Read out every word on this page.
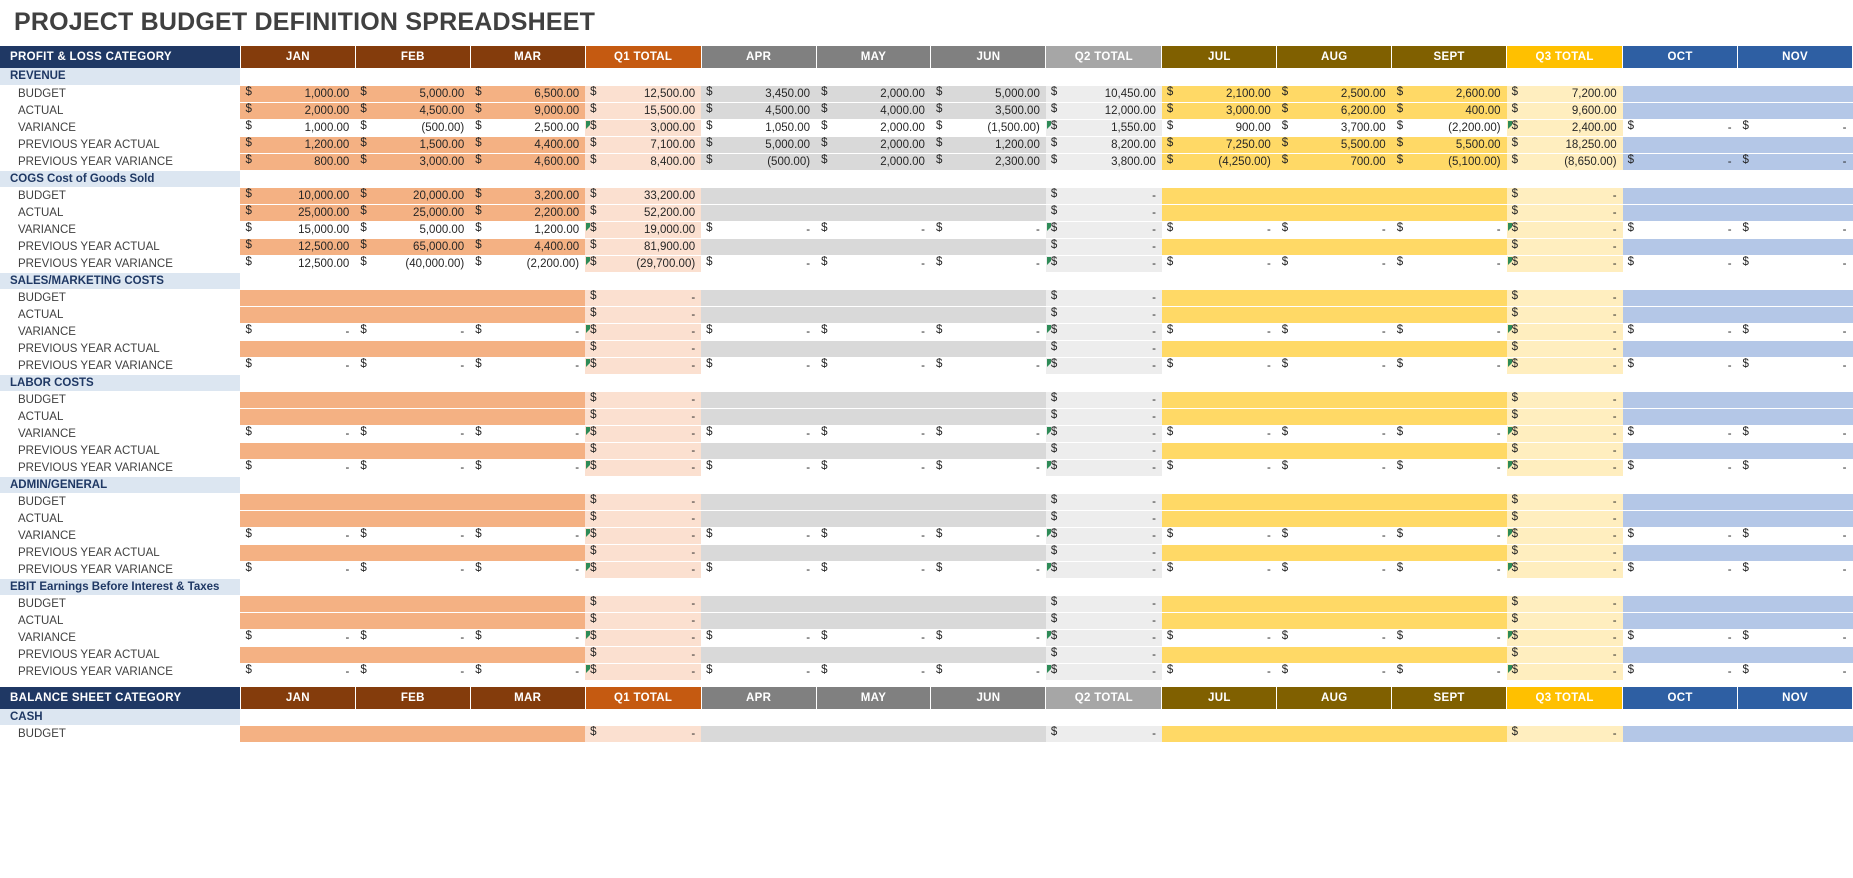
PROJECT BUDGET DEFINITION SPREADSHEET
PROFIT & LOSS CATEGORY	JAN	FEB	MAR	Q1 TOTAL	APR	MAY	JUN	Q2 TOTAL	JUL	AUG	SEPT	Q3 TOTAL	OCT	NOV
REVENUE														
BUDGET	$ 1,000.00	$ 5,000.00	$ 6,500.00	$ 12,500.00	$ 3,450.00	$ 2,000.00	$ 5,000.00	$ 10,450.00	$ 2,100.00	$ 2,500.00	$ 2,600.00	$ 7,200.00		
ACTUAL	$ 2,000.00	$ 4,500.00	$ 9,000.00	$ 15,500.00	$ 4,500.00	$ 4,000.00	$ 3,500.00	$ 12,000.00	$ 3,000.00	$ 6,200.00	$ 400.00	$ 9,600.00		
VARIANCE	$ 1,000.00	$ (500.00)	$ 2,500.00	$ 3,000.00	$ 1,050.00	$ 2,000.00	$ (1,500.00)	$ 1,550.00	$ 900.00	$ 3,700.00	$ (2,200.00)	$ 2,400.00	$ -	$ -
PREVIOUS YEAR ACTUAL	$ 1,200.00	$ 1,500.00	$ 4,400.00	$ 7,100.00	$ 5,000.00	$ 2,000.00	$ 1,200.00	$ 8,200.00	$ 7,250.00	$ 5,500.00	$ 5,500.00	$ 18,250.00		
PREVIOUS YEAR VARIANCE	$ 800.00	$ 3,000.00	$ 4,600.00	$ 8,400.00	$ (500.00)	$ 2,000.00	$ 2,300.00	$ 3,800.00	$ (4,250.00)	$ 700.00	$ (5,100.00)	$ (8,650.00)	$ -	$ -
COGS Cost of Goods Sold														
BUDGET	$ 10,000.00	$ 20,000.00	$ 3,200.00	$ 33,200.00				$ -				$ -		
ACTUAL	$ 25,000.00	$ 25,000.00	$ 2,200.00	$ 52,200.00				$ -				$ -		
VARIANCE	$ 15,000.00	$ 5,000.00	$ 1,200.00	$ 19,000.00	$ -	$ -	$ -	$ -	$ -	$ -	$ -	$ -	$ -	$ -
PREVIOUS YEAR ACTUAL	$ 12,500.00	$ 65,000.00	$ 4,400.00	$ 81,900.00				$ -				$ -		
PREVIOUS YEAR VARIANCE	$ 12,500.00	$ (40,000.00)	$ (2,200.00)	$ (29,700.00)	$ -	$ -	$ -	$ -	$ -	$ -	$ -	$ -	$ -	$ -
SALES/MARKETING COSTS														
BUDGET				$ -				$ -				$ -		
ACTUAL				$ -				$ -				$ -		
VARIANCE	$ -	$ -	$ -	$ -	$ -	$ -	$ -	$ -	$ -	$ -	$ -	$ -	$ -	$ -
PREVIOUS YEAR ACTUAL				$ -				$ -				$ -		
PREVIOUS YEAR VARIANCE	$ -	$ -	$ -	$ -	$ -	$ -	$ -	$ -	$ -	$ -	$ -	$ -	$ -	$ -
LABOR COSTS														
BUDGET				$ -				$ -				$ -		
ACTUAL				$ -				$ -				$ -		
VARIANCE	$ -	$ -	$ -	$ -	$ -	$ -	$ -	$ -	$ -	$ -	$ -	$ -	$ -	$ -
PREVIOUS YEAR ACTUAL				$ -				$ -				$ -		
PREVIOUS YEAR VARIANCE	$ -	$ -	$ -	$ -	$ -	$ -	$ -	$ -	$ -	$ -	$ -	$ -	$ -	$ -
ADMIN/GENERAL														
BUDGET				$ -				$ -				$ -		
ACTUAL				$ -				$ -				$ -		
VARIANCE	$ -	$ -	$ -	$ -	$ -	$ -	$ -	$ -	$ -	$ -	$ -	$ -	$ -	$ -
PREVIOUS YEAR ACTUAL				$ -				$ -				$ -		
PREVIOUS YEAR VARIANCE	$ -	$ -	$ -	$ -	$ -	$ -	$ -	$ -	$ -	$ -	$ -	$ -	$ -	$ -
EBIT Earnings Before Interest & Taxes														
BUDGET				$ -				$ -				$ -		
ACTUAL				$ -				$ -				$ -		
VARIANCE	$ -	$ -	$ -	$ -	$ -	$ -	$ -	$ -	$ -	$ -	$ -	$ -	$ -	$ -
PREVIOUS YEAR ACTUAL				$ -				$ -				$ -		
PREVIOUS YEAR VARIANCE	$ -	$ -	$ -	$ -	$ -	$ -	$ -	$ -	$ -	$ -	$ -	$ -	$ -	$ -
BALANCE SHEET CATEGORY	JAN	FEB	MAR	Q1 TOTAL	APR	MAY	JUN	Q2 TOTAL	JUL	AUG	SEPT	Q3 TOTAL	OCT	NOV
CASH														
BUDGET				$ -				$ -				$ -		
